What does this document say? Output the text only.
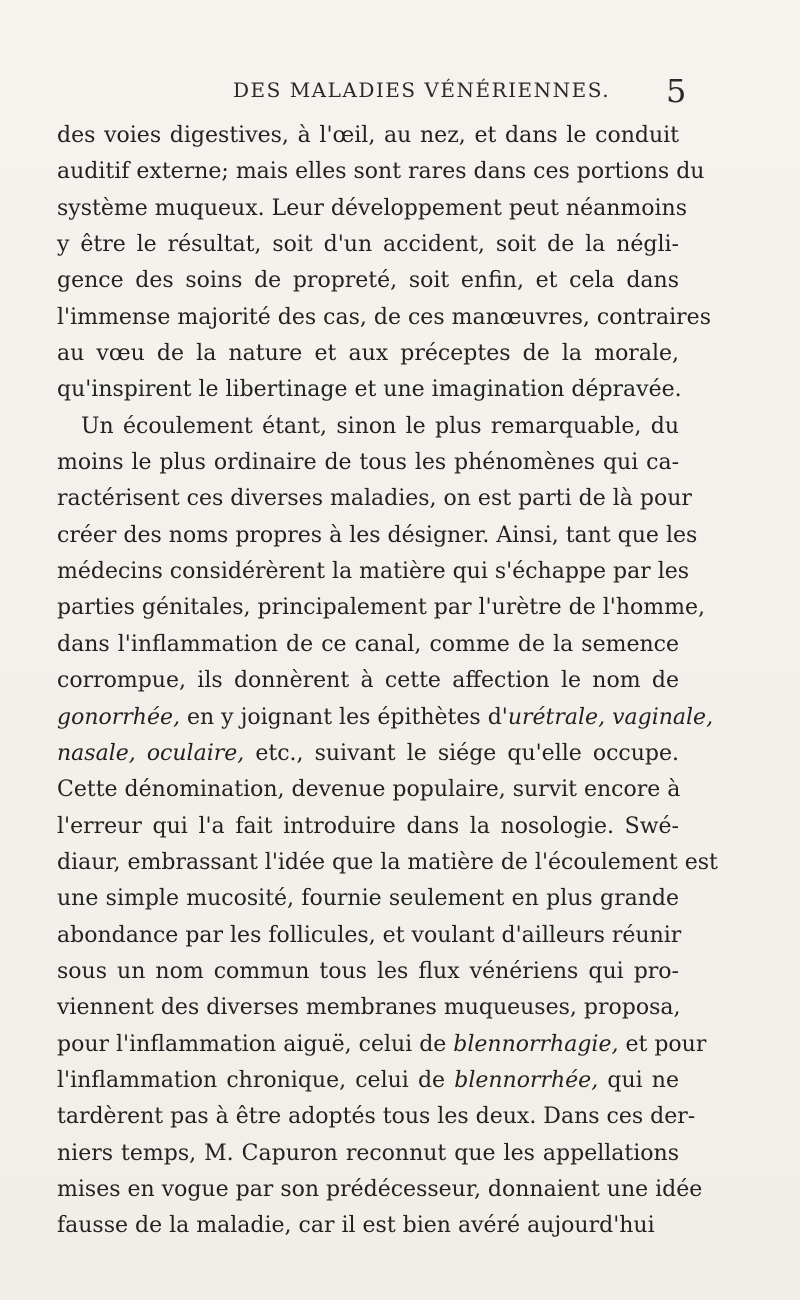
DES MALADIES VÉNÉRIENNES. 5
des voies digestives, à l'œil, au nez, et dans le conduit
auditif externe; mais elles sont rares dans ces portions du
système muqueux. Leur développement peut néanmoins
y être le résultat, soit d'un accident, soit de la négli-
gence des soins de propreté, soit enfin, et cela dans
l'immense majorité des cas, de ces manœuvres, contraires
au vœu de la nature et aux préceptes de la morale,
qu'inspirent le libertinage et une imagination dépravée.
Un écoulement étant, sinon le plus remarquable, du
moins le plus ordinaire de tous les phénomènes qui ca-
ractérisent ces diverses maladies, on est parti de là pour
créer des noms propres à les désigner. Ainsi, tant que les
médecins considérèrent la matière qui s'échappe par les
parties génitales, principalement par l'urètre de l'homme,
dans l'inflammation de ce canal, comme de la semence
corrompue, ils donnèrent à cette affection le nom de
gonorrhée, en y joignant les épithètes d'urétrale, vaginale,
nasale, oculaire, etc., suivant le siége qu'elle occupe.
Cette dénomination, devenue populaire, survit encore à
l'erreur qui l'a fait introduire dans la nosologie. Swé-
diaur, embrassant l'idée que la matière de l'écoulement est
une simple mucosité, fournie seulement en plus grande
abondance par les follicules, et voulant d'ailleurs réunir
sous un nom commun tous les flux vénériens qui pro-
viennent des diverses membranes muqueuses, proposa,
pour l'inflammation aiguë, celui de blennorrhagie, et pour
l'inflammation chronique, celui de blennorrhée, qui ne
tardèrent pas à être adoptés tous les deux. Dans ces der-
niers temps, M. Capuron reconnut que les appellations
mises en vogue par son prédécesseur, donnaient une idée
fausse de la maladie, car il est bien avéré aujourd'hui
